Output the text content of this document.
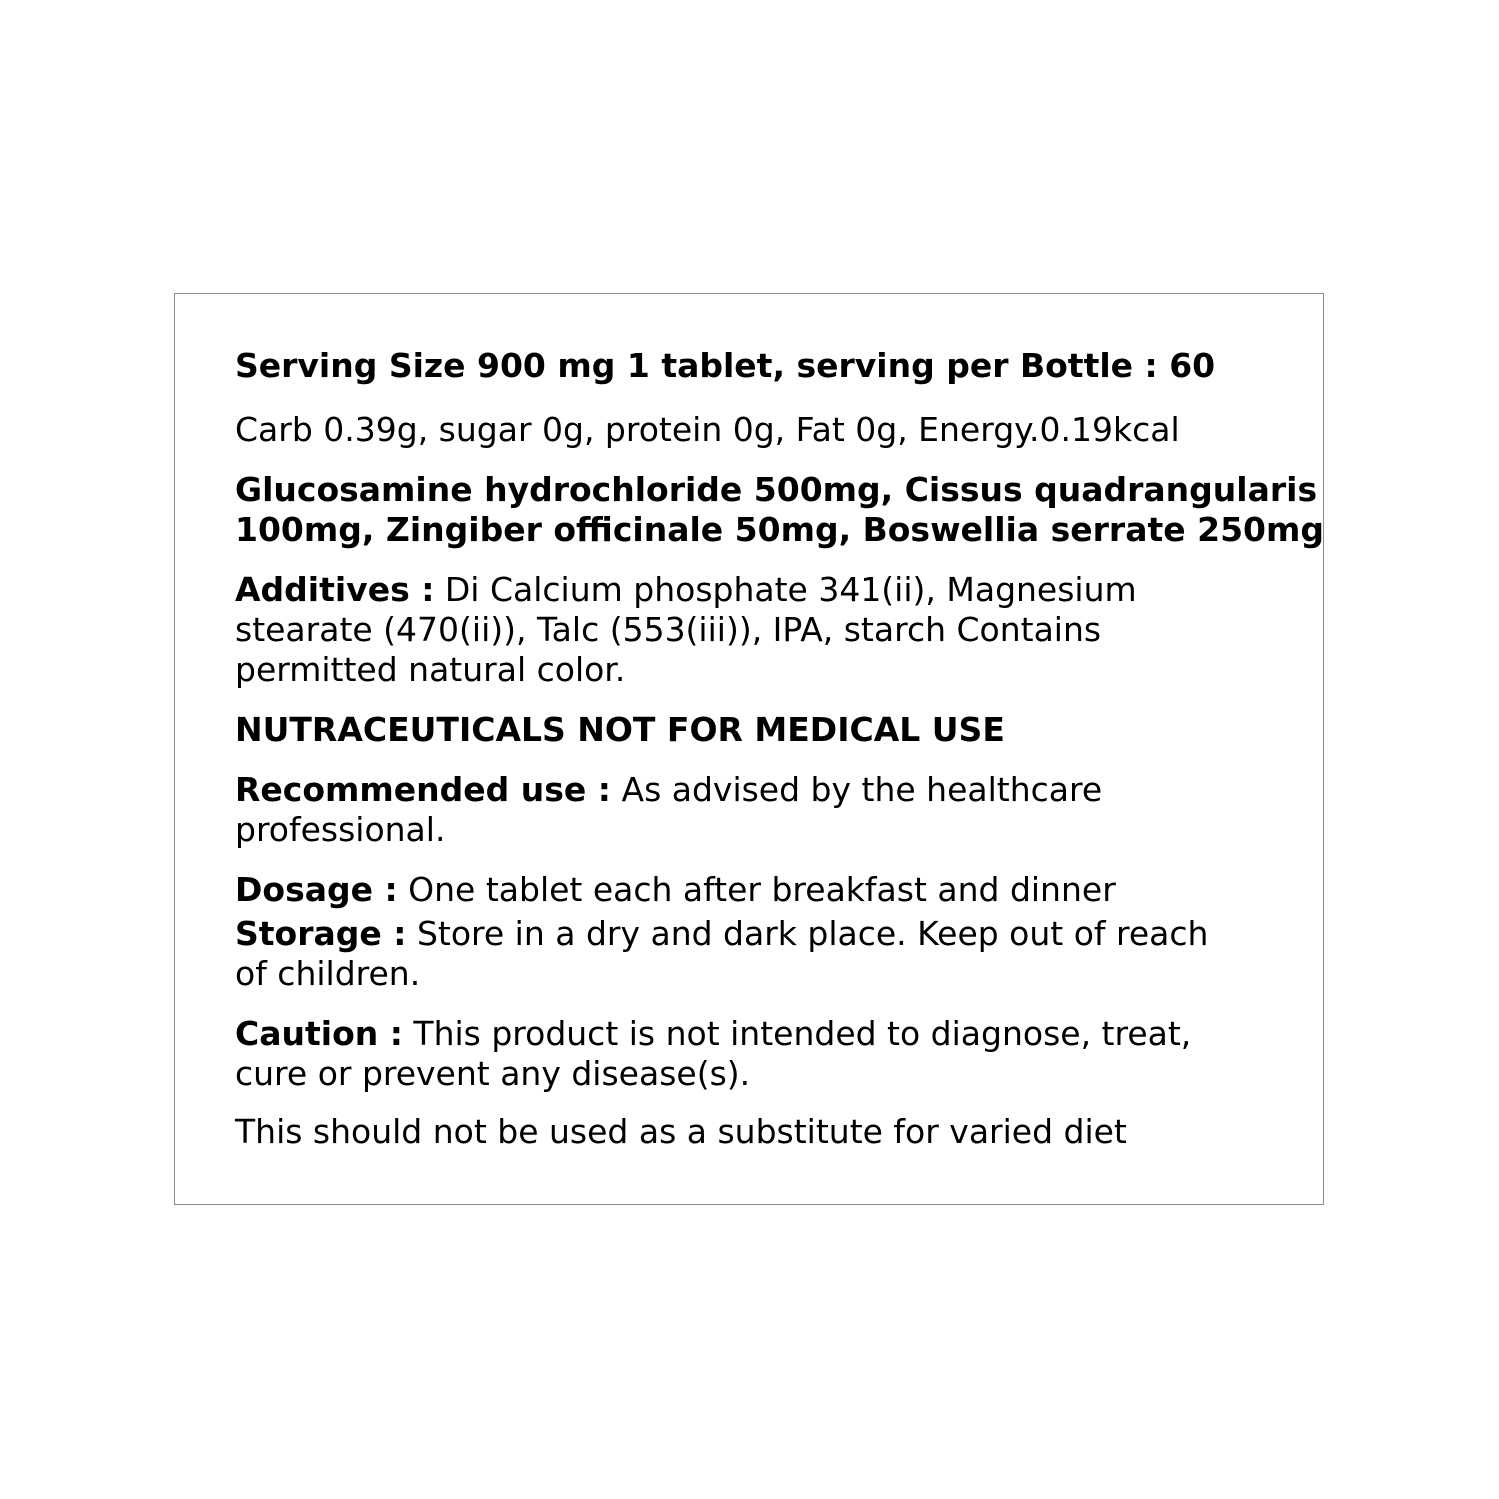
Serving Size 900 mg 1 tablet, serving per Bottle : 60

Carb 0.39g, sugar 0g, protein 0g, Fat 0g, Energy.0.19kcal

Glucosamine hydrochloride 500mg, Cissus quadrangularis

100mg, Zingiber officinale 50mg, Boswellia serrate 250mg

Additives : Di Calcium phosphate 341(ii), Magnesium

stearate (470(ii)), Talc (553(iii)), IPA, starch Contains

permitted natural color.

NUTRACEUTICALS NOT FOR MEDICAL USE

Recommended use : As advised by the healthcare

professional.

Dosage : One tablet each after breakfast and dinner

Storage : Store in a dry and dark place. Keep out of reach

of children.

Caution : This product is not intended to diagnose, treat,

cure or prevent any disease(s).

This should not be used as a substitute for varied diet
